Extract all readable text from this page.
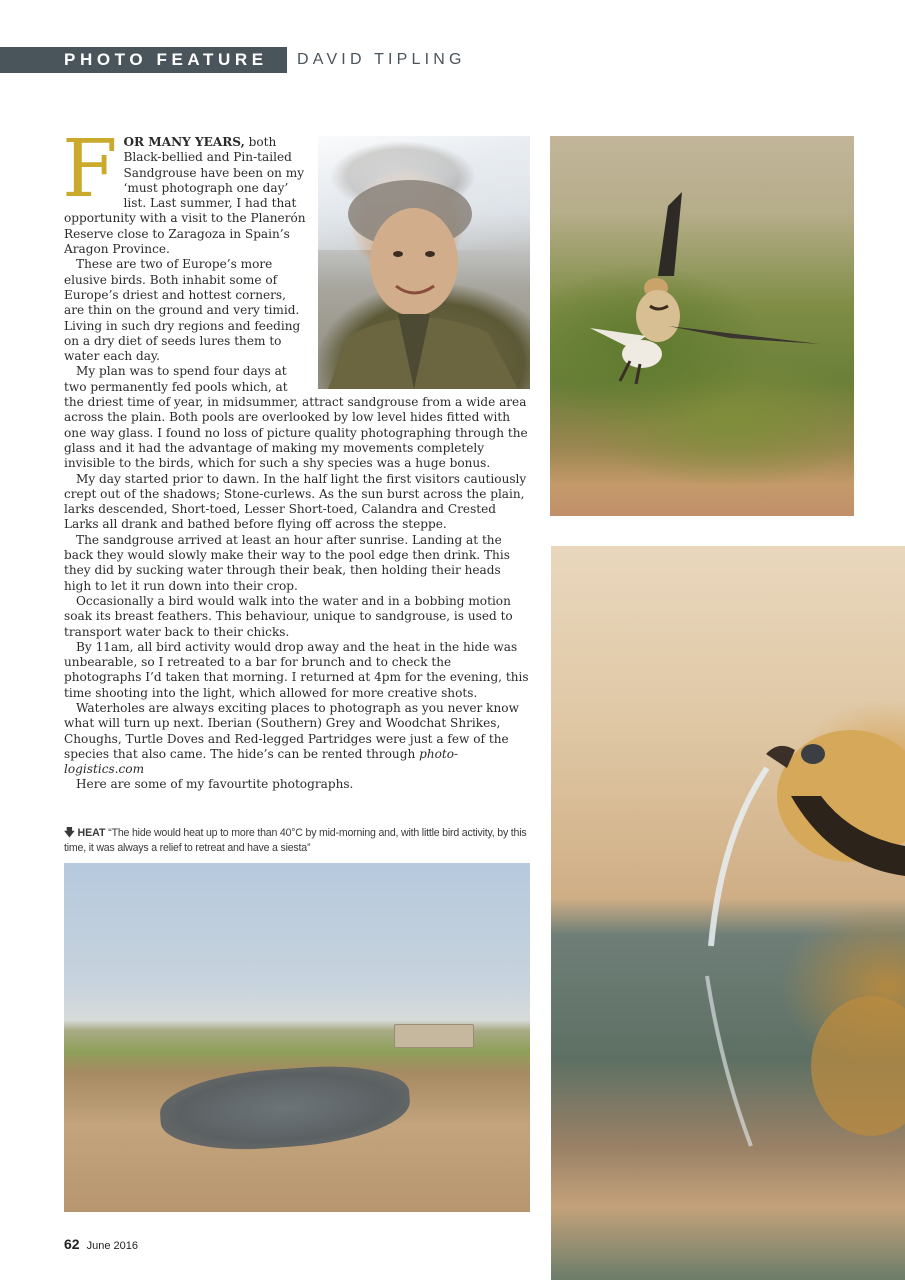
PHOTO FEATURE DAVID TIPLING

FOR MANY YEARS, both Black-bellied and Pin-tailed Sandgrouse have been on my ‘must photograph one day’ list. Last summer, I had that opportunity with a visit to the Planerón Reserve close to Zaragoza in Spain’s Aragon Province.

These are two of Europe’s more elusive birds. Both inhabit some of Europe’s driest and hottest corners, are thin on the ground and very timid. Living in such dry regions and feeding on a dry diet of seeds lures them to water each day.

My plan was to spend four days at two permanently fed pools which, at the driest time of year, in midsummer, attract sandgrouse from a wide area across the plain. Both pools are overlooked by low level hides fitted with one way glass. I found no loss of picture quality photographing through the glass and it had the advantage of making my movements completely invisible to the birds, which for such a shy species was a huge bonus.

My day started prior to dawn. In the half light the first visitors cautiously crept out of the shadows; Stone-curlews. As the sun burst across the plain, larks descended, Short-toed, Lesser Short-toed, Calandra and Crested Larks all drank and bathed before flying off across the steppe.

The sandgrouse arrived at least an hour after sunrise. Landing at the back they would slowly make their way to the pool edge then drink. This they did by sucking water through their beak, then holding their heads high to let it run down into their crop.

Occasionally a bird would walk into the water and in a bobbing motion soak its breast feathers. This behaviour, unique to sandgrouse, is used to transport water back to their chicks.

By 11am, all bird activity would drop away and the heat in the hide was unbearable, so I retreated to a bar for brunch and to check the photographs I’d taken that morning. I returned at 4pm for the evening, this time shooting into the light, which allowed for more creative shots.

Waterholes are always exciting places to photograph as you never know what will turn up next. Iberian (Southern) Grey and Woodchat Shrikes, Choughs, Turtle Doves and Red-legged Partridges were just a few of the species that also came. The hide’s can be rented through photo-logistics.com

Here are some of my favourtite photographs.

🡇 HEAT “The hide would heat up to more than 40°C by mid-morning and, with little bird activity, by this time, it was always a relief to retreat and have a siesta”
62 June 2016
